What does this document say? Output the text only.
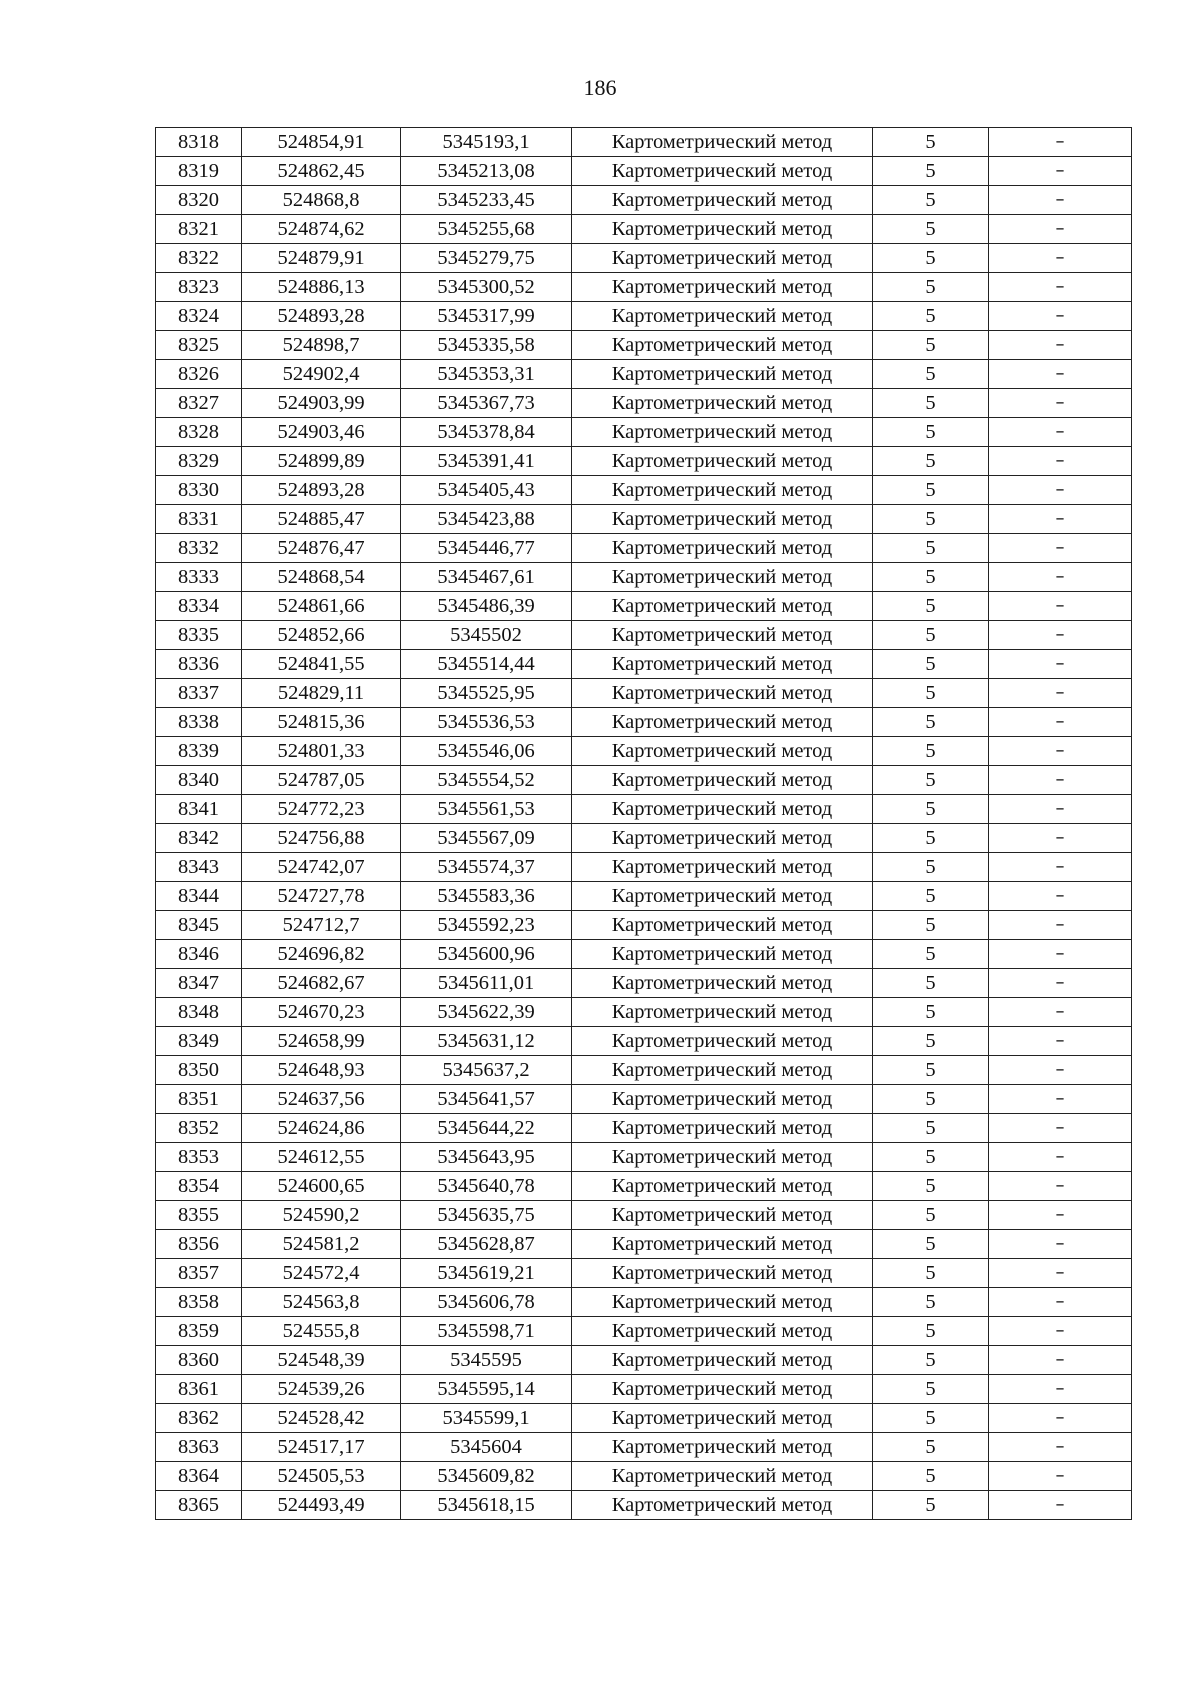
186
8318	524854,91	5345193,1	Картометрический метод	5	–
8319	524862,45	5345213,08	Картометрический метод	5	–
8320	524868,8	5345233,45	Картометрический метод	5	–
8321	524874,62	5345255,68	Картометрический метод	5	–
8322	524879,91	5345279,75	Картометрический метод	5	–
8323	524886,13	5345300,52	Картометрический метод	5	–
8324	524893,28	5345317,99	Картометрический метод	5	–
8325	524898,7	5345335,58	Картометрический метод	5	–
8326	524902,4	5345353,31	Картометрический метод	5	–
8327	524903,99	5345367,73	Картометрический метод	5	–
8328	524903,46	5345378,84	Картометрический метод	5	–
8329	524899,89	5345391,41	Картометрический метод	5	–
8330	524893,28	5345405,43	Картометрический метод	5	–
8331	524885,47	5345423,88	Картометрический метод	5	–
8332	524876,47	5345446,77	Картометрический метод	5	–
8333	524868,54	5345467,61	Картометрический метод	5	–
8334	524861,66	5345486,39	Картометрический метод	5	–
8335	524852,66	5345502	Картометрический метод	5	–
8336	524841,55	5345514,44	Картометрический метод	5	–
8337	524829,11	5345525,95	Картометрический метод	5	–
8338	524815,36	5345536,53	Картометрический метод	5	–
8339	524801,33	5345546,06	Картометрический метод	5	–
8340	524787,05	5345554,52	Картометрический метод	5	–
8341	524772,23	5345561,53	Картометрический метод	5	–
8342	524756,88	5345567,09	Картометрический метод	5	–
8343	524742,07	5345574,37	Картометрический метод	5	–
8344	524727,78	5345583,36	Картометрический метод	5	–
8345	524712,7	5345592,23	Картометрический метод	5	–
8346	524696,82	5345600,96	Картометрический метод	5	–
8347	524682,67	5345611,01	Картометрический метод	5	–
8348	524670,23	5345622,39	Картометрический метод	5	–
8349	524658,99	5345631,12	Картометрический метод	5	–
8350	524648,93	5345637,2	Картометрический метод	5	–
8351	524637,56	5345641,57	Картометрический метод	5	–
8352	524624,86	5345644,22	Картометрический метод	5	–
8353	524612,55	5345643,95	Картометрический метод	5	–
8354	524600,65	5345640,78	Картометрический метод	5	–
8355	524590,2	5345635,75	Картометрический метод	5	–
8356	524581,2	5345628,87	Картометрический метод	5	–
8357	524572,4	5345619,21	Картометрический метод	5	–
8358	524563,8	5345606,78	Картометрический метод	5	–
8359	524555,8	5345598,71	Картометрический метод	5	–
8360	524548,39	5345595	Картометрический метод	5	–
8361	524539,26	5345595,14	Картометрический метод	5	–
8362	524528,42	5345599,1	Картометрический метод	5	–
8363	524517,17	5345604	Картометрический метод	5	–
8364	524505,53	5345609,82	Картометрический метод	5	–
8365	524493,49	5345618,15	Картометрический метод	5	–
